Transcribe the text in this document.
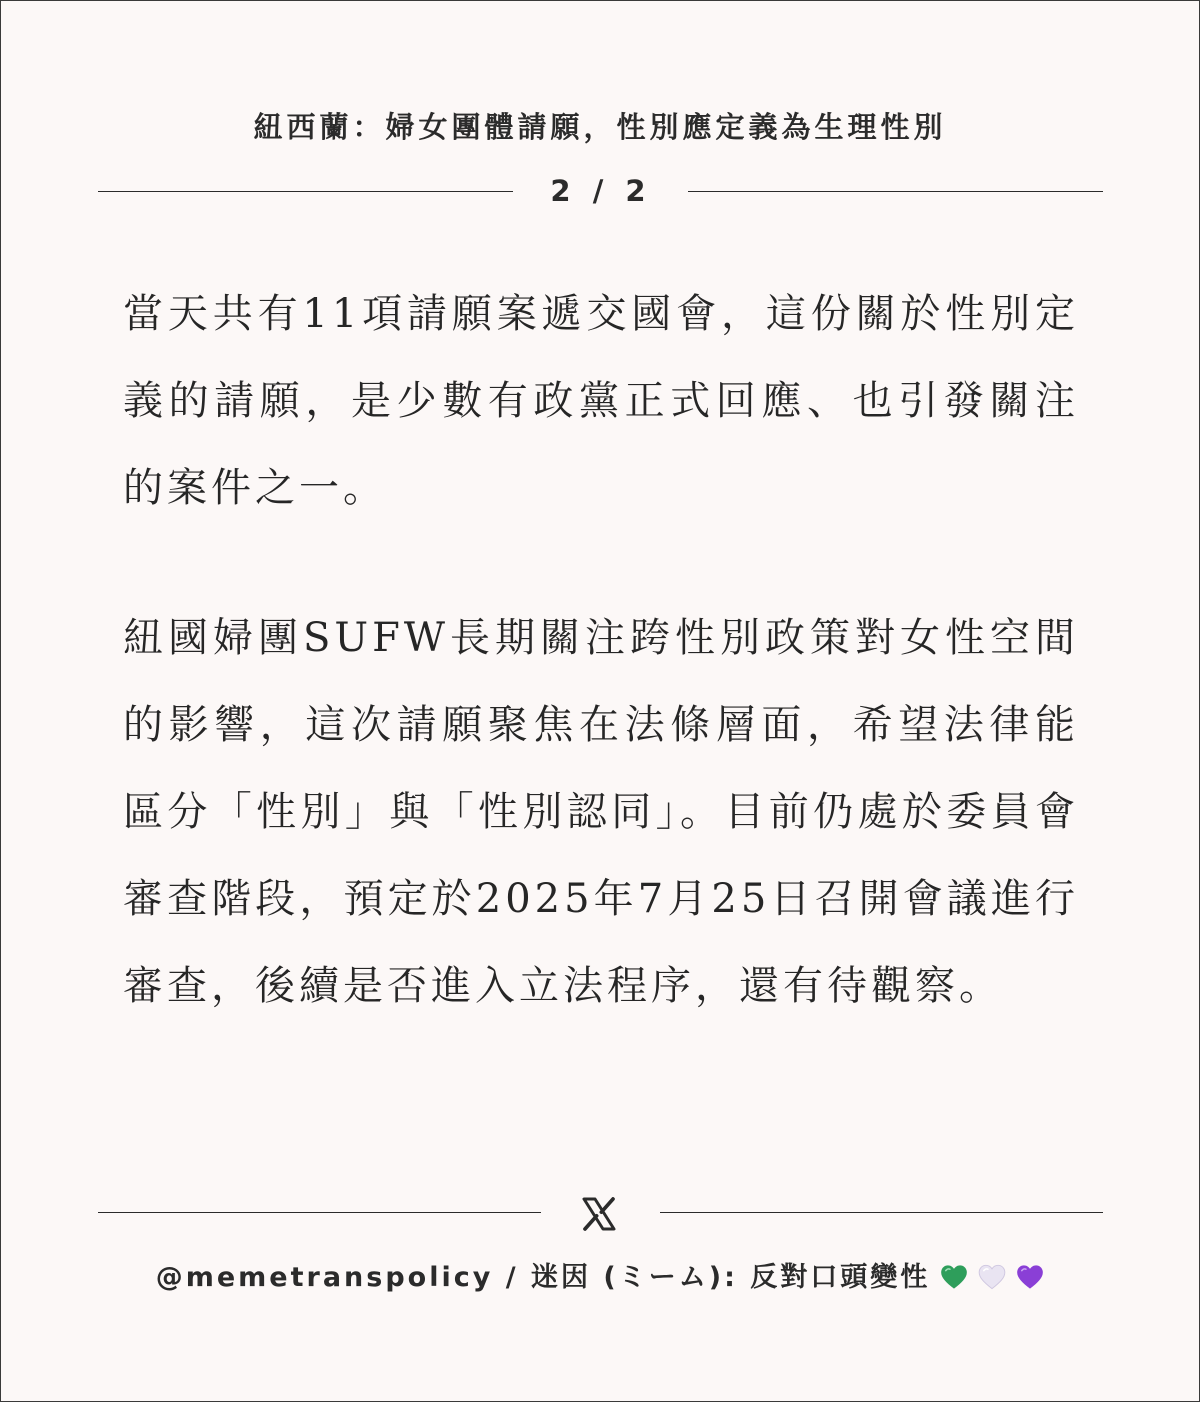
紐西蘭：婦女團體請願，性別應定義為生理性別
2 / 2

當天共有11項請願案遞交國會，這份關於性別定義的請願，是少數有政黨正式回應、也引發關注的案件之一。

紐國婦團SUFW長期關注跨性別政策對女性空間的影響，這次請願聚焦在法條層面，希望法律能區分「性別」與「性別認同」。目前仍處於委員會審查階段，預定於2025年7月25日召開會議進行審查，後續是否進入立法程序，還有待觀察。

@memetranspolicy / 迷因 (ミーム): 反對口頭變性
